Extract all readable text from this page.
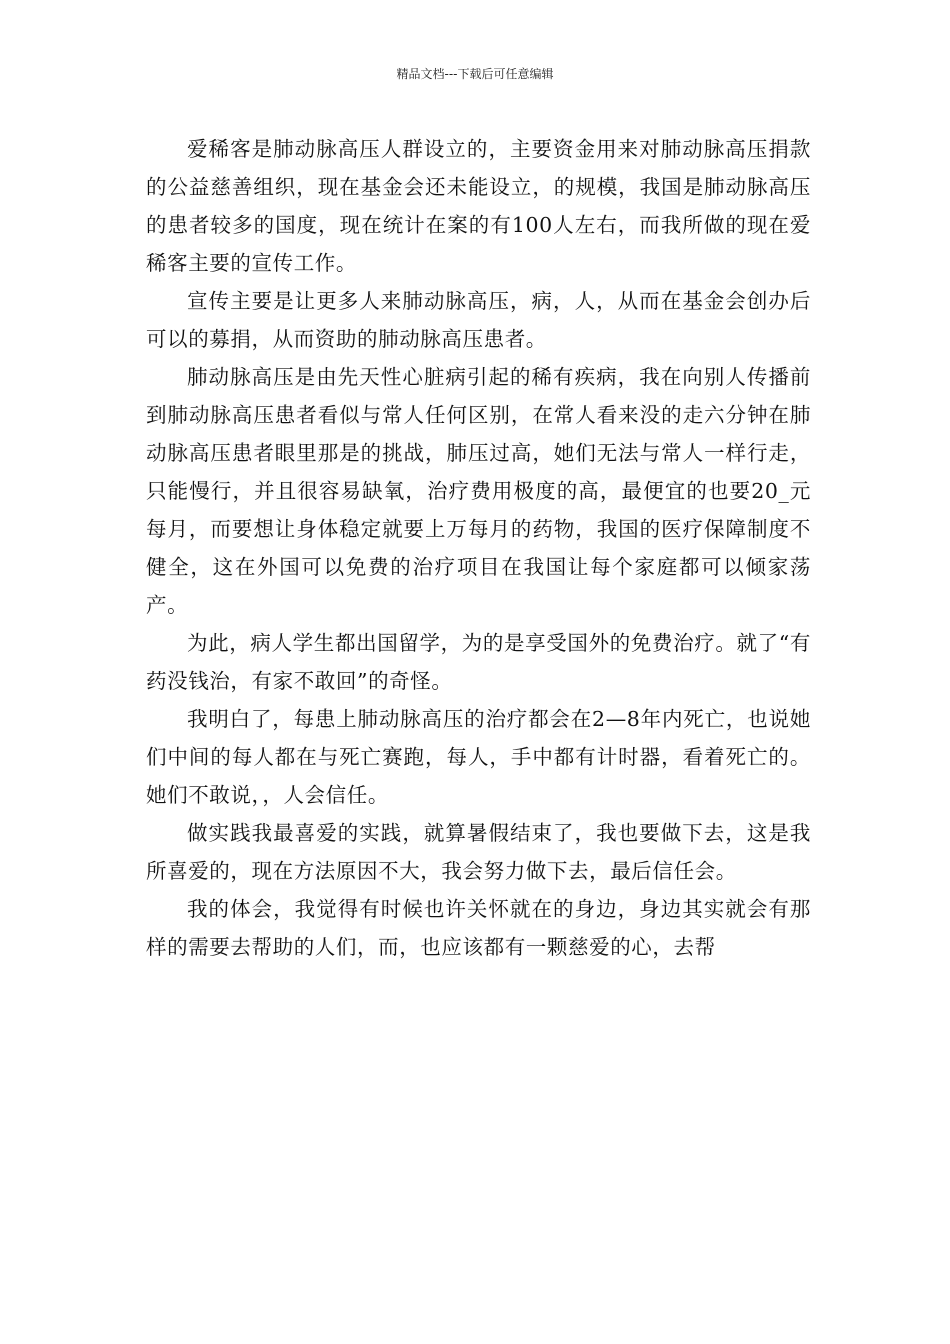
精品文档---下载后可任意编辑

爱稀客是肺动脉高压人群设立的，主要资金用来对肺动脉高压捐款的公益慈善组织，现在基金会还未能设立，的规模，我国是肺动脉高压的患者较多的国度，现在统计在案的有100人左右，而我所做的现在爱稀客主要的宣传工作。

宣传主要是让更多人来肺动脉高压，病，人，从而在基金会创办后可以的募捐，从而资助的肺动脉高压患者。

肺动脉高压是由先天性心脏病引起的稀有疾病，我在向别人传播前到肺动脉高压患者看似与常人任何区别，在常人看来没的走六分钟在肺动脉高压患者眼里那是的挑战，肺压过高，她们无法与常人一样行走，只能慢行，并且很容易缺氧，治疗费用极度的高，最便宜的也要20_元每月，而要想让身体稳定就要上万每月的药物，我国的医疗保障制度不健全，这在外国可以免费的治疗项目在我国让每个家庭都可以倾家荡产。

为此，病人学生都出国留学，为的是享受国外的免费治疗。就了“有药没钱治，有家不敢回”的奇怪。

我明白了，每患上肺动脉高压的治疗都会在2—8年内死亡，也说她们中间的每人都在与死亡赛跑，每人，手中都有计时器，看着死亡的。她们不敢说，，人会信任。

做实践我最喜爱的实践，就算暑假结束了，我也要做下去，这是我所喜爱的，现在方法原因不大，我会努力做下去，最后信任会。

我的体会，我觉得有时候也许关怀就在的身边，身边其实就会有那样的需要去帮助的人们，而，也应该都有一颗慈爱的心，去帮
